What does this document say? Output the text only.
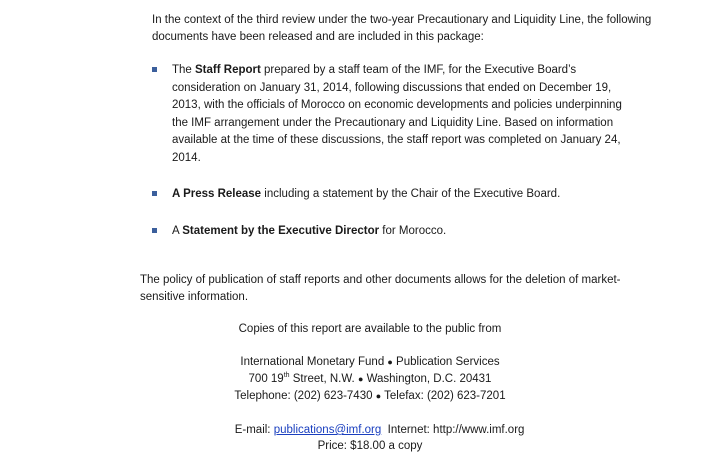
In the context of the third review under the two-year Precautionary and Liquidity Line, the following documents have been released and are included in this package:

The Staff Report prepared by a staff team of the IMF, for the Executive Board’s consideration on January 31, 2014, following discussions that ended on December 19, 2013, with the officials of Morocco on economic developments and policies underpinning the IMF arrangement under the Precautionary and Liquidity Line. Based on information available at the time of these discussions, the staff report was completed on January 24, 2014.
A Press Release including a statement by the Chair of the Executive Board.
A Statement by the Executive Director for Morocco.

The policy of publication of staff reports and other documents allows for the deletion of market-sensitive information.

Copies of this report are available to the public from
International Monetary Fund ● Publication Services
700 19th Street, N.W. ● Washington, D.C. 20431
Telephone: (202) 623-7430 ● Telefax: (202) 623-7201

E-mail: publications@imf.org  Internet: http://www.imf.org

Price: $18.00 a copy
